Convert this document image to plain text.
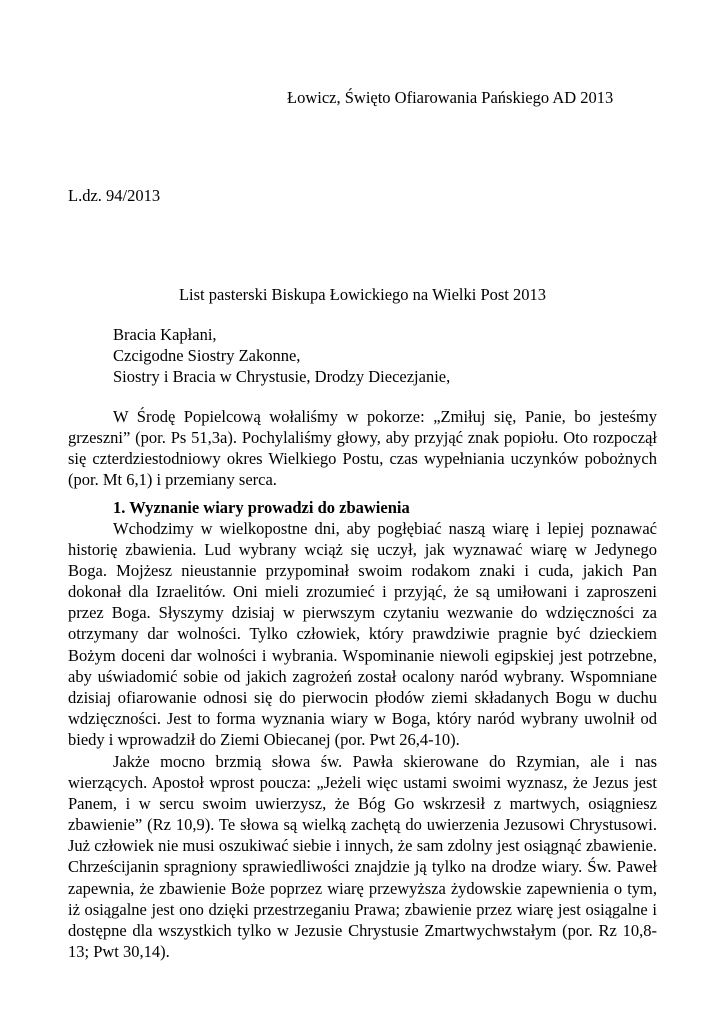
Łowicz, Święto Ofiarowania Pańskiego AD 2013
L.dz. 94/2013
List pasterski Biskupa Łowickiego na Wielki Post 2013
Bracia Kapłani,
Czcigodne Siostry Zakonne,
Siostry i Bracia w Chrystusie, Drodzy Diecezjanie,

W Środę Popielcową wołaliśmy w pokorze: „Zmiłuj się, Panie, bo jesteśmy grzeszni” (por. Ps 51,3a). Pochylaliśmy głowy, aby przyjąć znak popiołu. Oto rozpoczął się czterdziestodniowy okres Wielkiego Postu, czas wypełniania uczynków pobożnych (por. Mt 6,1) i przemiany serca.

1. Wyznanie wiary prowadzi do zbawienia

Wchodzimy w wielkopostne dni, aby pogłębiać naszą wiarę i lepiej poznawać historię zbawienia. Lud wybrany wciąż się uczył, jak wyznawać wiarę w Jedynego Boga. Mojżesz nieustannie przypominał swoim rodakom znaki i cuda, jakich Pan dokonał dla Izraelitów. Oni mieli zrozumieć i przyjąć, że są umiłowani i zaproszeni przez Boga. Słyszymy dzisiaj w pierwszym czytaniu wezwanie do wdzięczności za otrzymany dar wolności. Tylko człowiek, który prawdziwie pragnie być dzieckiem Bożym doceni dar wolności i wybrania. Wspominanie niewoli egipskiej jest potrzebne, aby uświadomić sobie od jakich zagrożeń został ocalony naród wybrany. Wspomniane dzisiaj ofiarowanie odnosi się do pierwocin płodów ziemi składanych Bogu w duchu wdzięczności. Jest to forma wyznania wiary w Boga, który naród wybrany uwolnił od biedy i wprowadził do Ziemi Obiecanej (por. Pwt 26,4-10).

Jakże mocno brzmią słowa św. Pawła skierowane do Rzymian, ale i nas wierzących. Apostoł wprost poucza: „Jeżeli więc ustami swoimi wyznasz, że Jezus jest Panem, i w sercu swoim uwierzysz, że Bóg Go wskrzesił z martwych, osiągniesz zbawienie” (Rz 10,9). Te słowa są wielką zachętą do uwierzenia Jezusowi Chrystusowi. Już człowiek nie musi oszukiwać siebie i innych, że sam zdolny jest osiągnąć zbawienie. Chrześcijanin spragniony sprawiedliwości znajdzie ją tylko na drodze wiary. Św. Paweł zapewnia, że zbawienie Boże poprzez wiarę przewyższa żydowskie zapewnienia o tym, iż osiągalne jest ono dzięki przestrzeganiu Prawa; zbawienie przez wiarę jest osiągalne i dostępne dla wszystkich tylko w Jezusie Chrystusie Zmartwychwstałym (por. Rz 10,8-13; Pwt 30,14).
